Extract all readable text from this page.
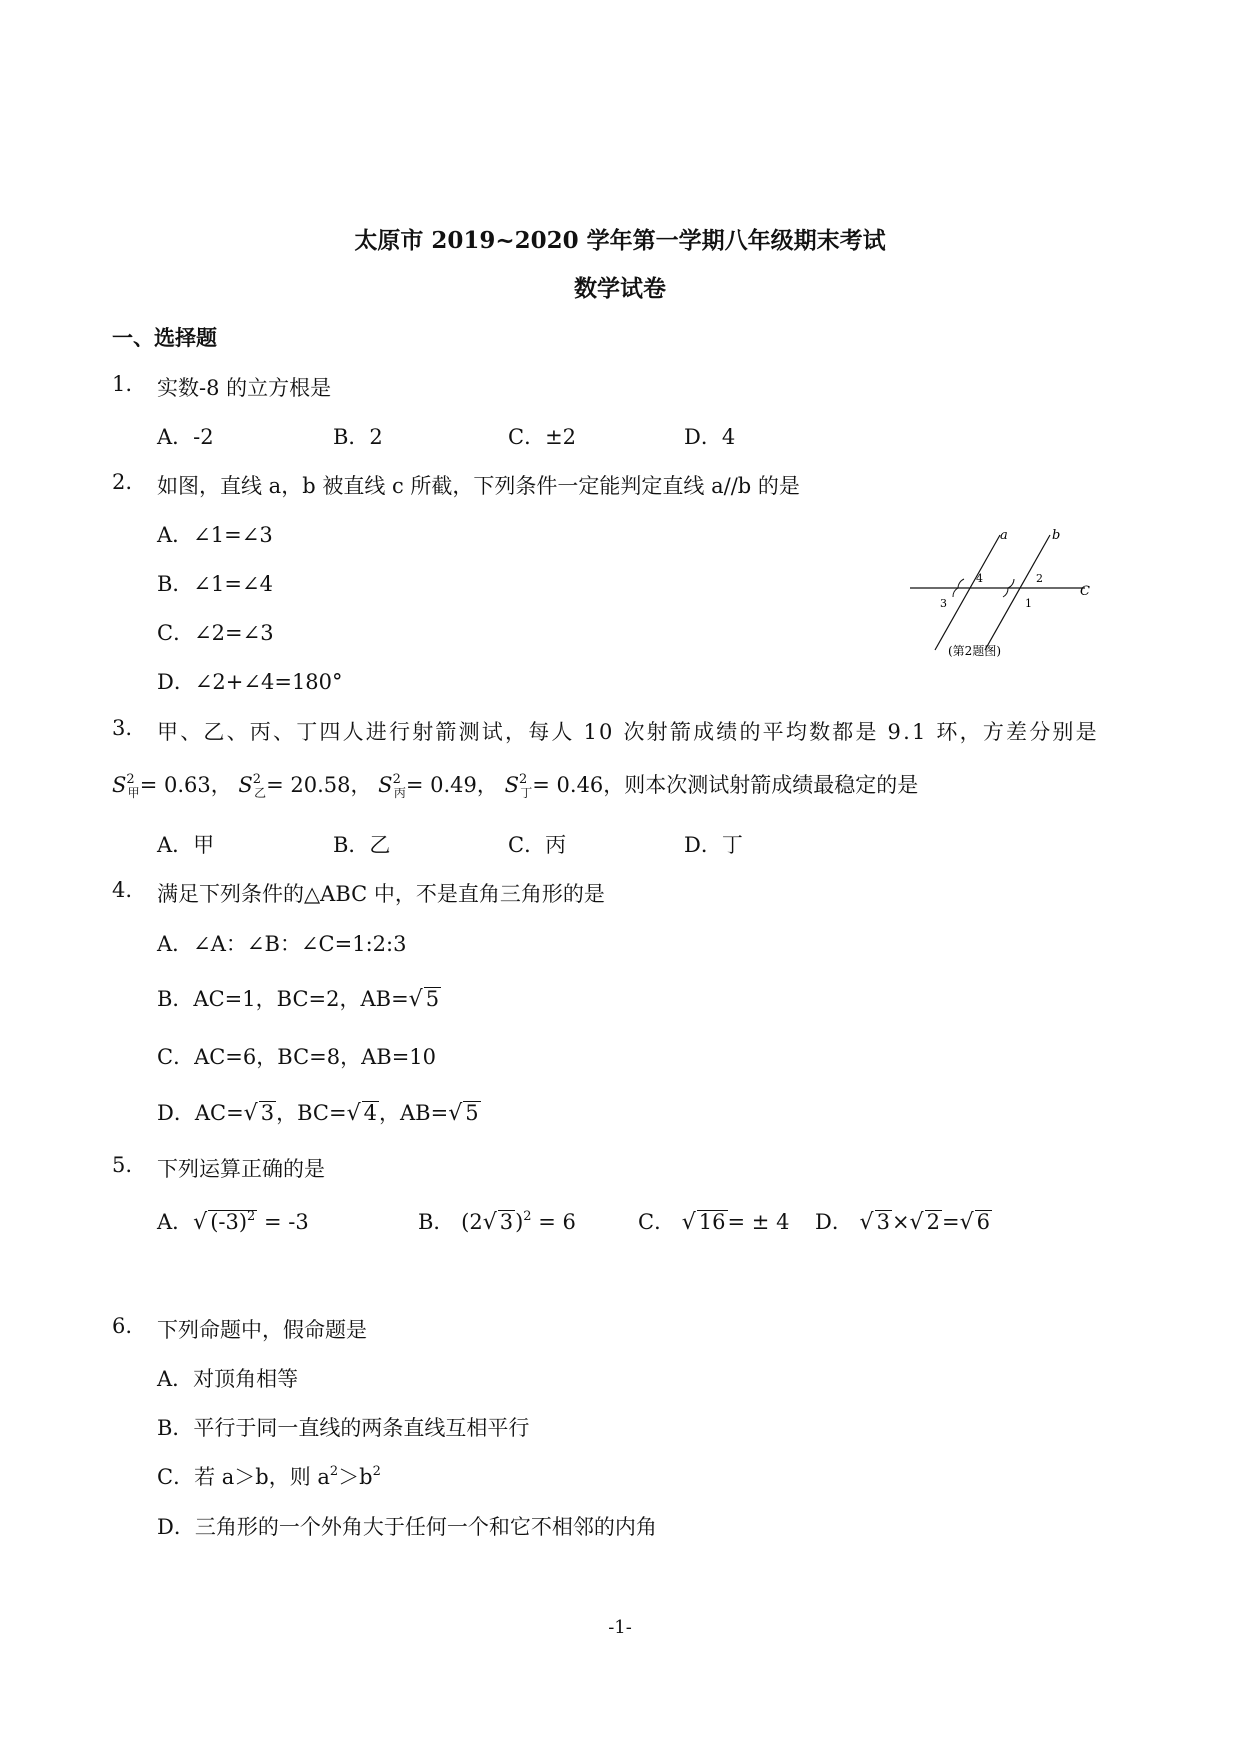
太原市 2019~2020 学年第一学期八年级期末考试
数学试卷
一、选择题
1. 实数-8 的立方根是
A．-2	B．2	C．±2	D．4
2. 如图，直线 a，b 被直线 c 所截，下列条件一定能判定直线 a//b 的是
A．∠1=∠3
B．∠1=∠4
C．∠2=∠3
D．∠2+∠4=180°
a	b
C
4
3
2
1
(第2题图)
3. 甲、乙、丙、丁四人进行射箭测试，每人 10 次射箭成绩的平均数都是 9.1 环，方差分别是
$S^2_甲= 0.63$， $S^2_乙= 20.58$， $S^2_丙= 0.49$， $S^2_丁= 0.46$，则本次测试射箭成绩最稳定的是
A．甲	B．乙	C．丙	D．丁
4. 满足下列条件的△ABC 中，不是直角三角形的是
A．∠A：∠B：∠C=1:2:3
B．AC=1，BC=2，AB=√ 5
C．AC=6，BC=8，AB=10
D．AC=√ 3，BC=√ 4，AB=√ 5
5. 下列运算正确的是
A．√ $(-3)^2 = -3$	B． (2√ 3)$^2$ = 6	C． √ 16= ± 4 D． √ 3×√ 2=√ 6
6. 下列命题中，假命题是
A．对顶角相等
B．平行于同一直线的两条直线互相平行
C．若 a＞b，则 $a^2>b^2$
D．三角形的一个外角大于任何一个和它不相邻的内角
-1-
